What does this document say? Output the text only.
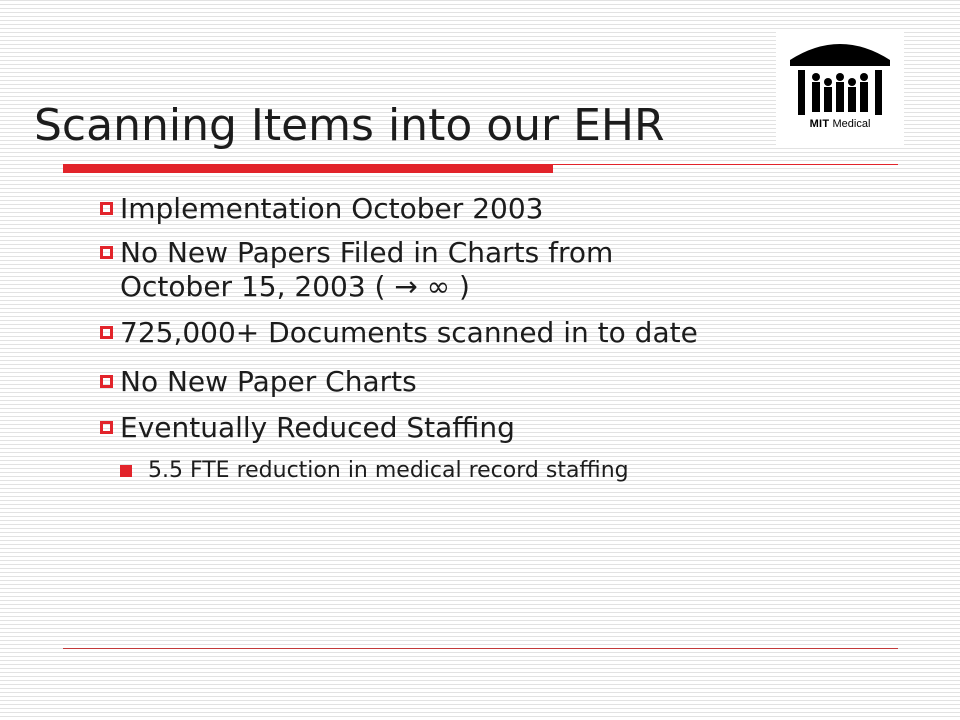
Scanning Items into our EHR	MIT Medical
Implementation October 2003
No New Papers Filed in Charts from
October 15, 2003 ( → ∞ )
725,000+ Documents scanned in to date
No New Paper Charts
Eventually Reduced Staffing
5.5 FTE reduction in medical record staffing
